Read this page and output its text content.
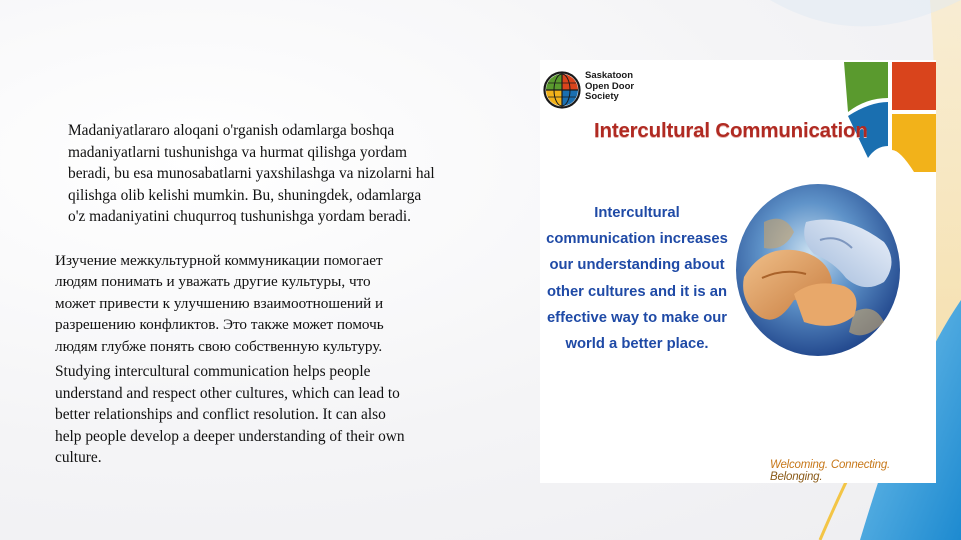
Madaniyatlararo aloqani o'rganish odamlarga boshqa
madaniyatlarni tushunishga va hurmat qilishga yordam
beradi, bu esa munosabatlarni yaxshilashga va nizolarni hal
qilishga olib kelishi mumkin. Bu, shuningdek, odamlarga
o'z madaniyatini chuqurroq tushunishga yordam beradi.
Изучение межкультурной коммуникации помогает
людям понимать и уважать другие культуры, что
может привести к улучшению взаимоотношений и
разрешению конфликтов. Это также может помочь
людям глубже понять свою собственную культуру.
Studying intercultural communication helps people
understand and respect other cultures, which can lead to
better relationships and conflict resolution. It can also
help people develop a deeper understanding of their own
culture.
Saskatoon
Open Door
Society
Intercultural Communication
Intercultural
communication increases
our understanding about
other cultures and it is an
effective way to make our
world a better place.
Welcoming. Connecting. Belonging.
